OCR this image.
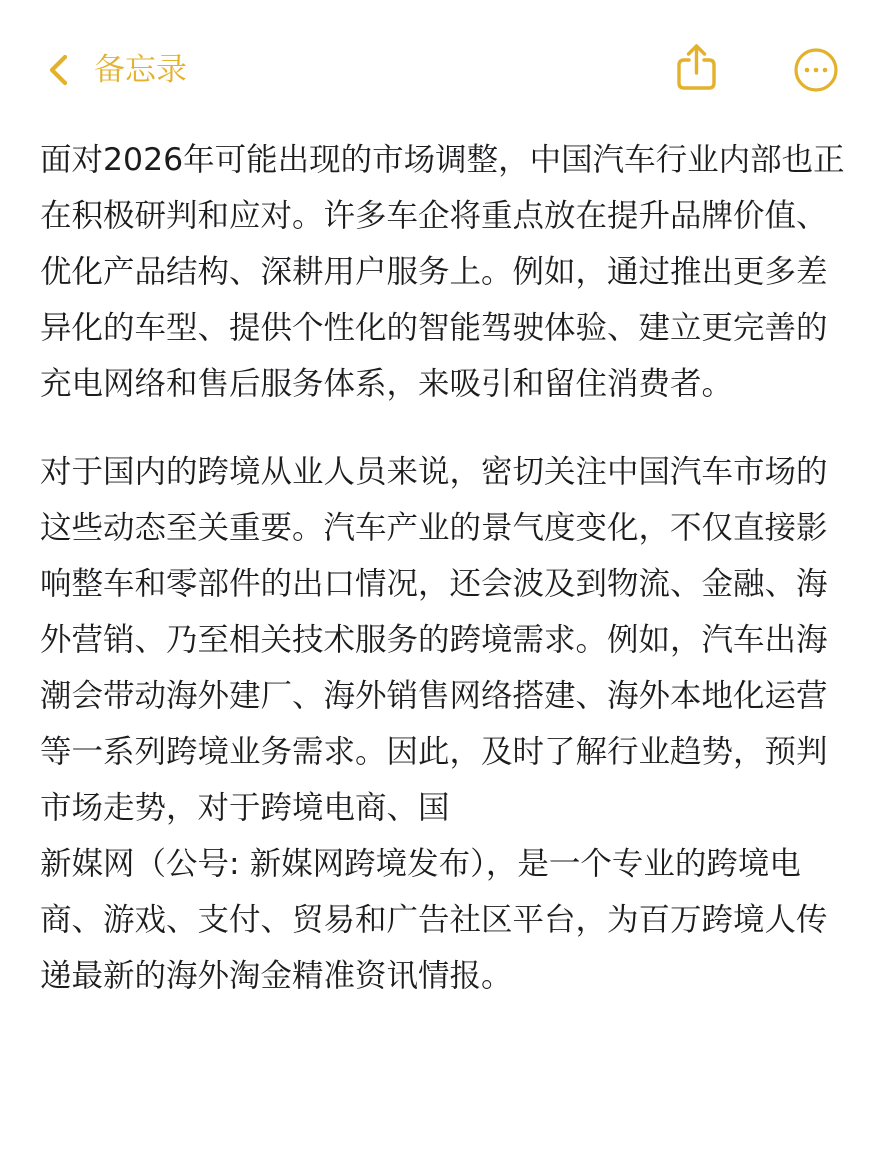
备忘录
面对2026年可能出现的市场调整，中国汽车行业内部也正
在积极研判和应对。许多车企将重点放在提升品牌价值、
优化产品结构、深耕用户服务上。例如，通过推出更多差
异化的车型、提供个性化的智能驾驶体验、建立更完善的
充电网络和售后服务体系，来吸引和留住消费者。
对于国内的跨境从业人员来说，密切关注中国汽车市场的
这些动态至关重要。汽车产业的景气度变化，不仅直接影
响整车和零部件的出口情况，还会波及到物流、金融、海
外营销、乃至相关技术服务的跨境需求。例如，汽车出海
潮会带动海外建厂、海外销售网络搭建、海外本地化运营
等一系列跨境业务需求。因此，及时了解行业趋势，预判
市场走势，对于跨境电商、国
新媒网（公号: 新媒网跨境发布），是一个专业的跨境电
商、游戏、支付、贸易和广告社区平台，为百万跨境人传
递最新的海外淘金精准资讯情报。
